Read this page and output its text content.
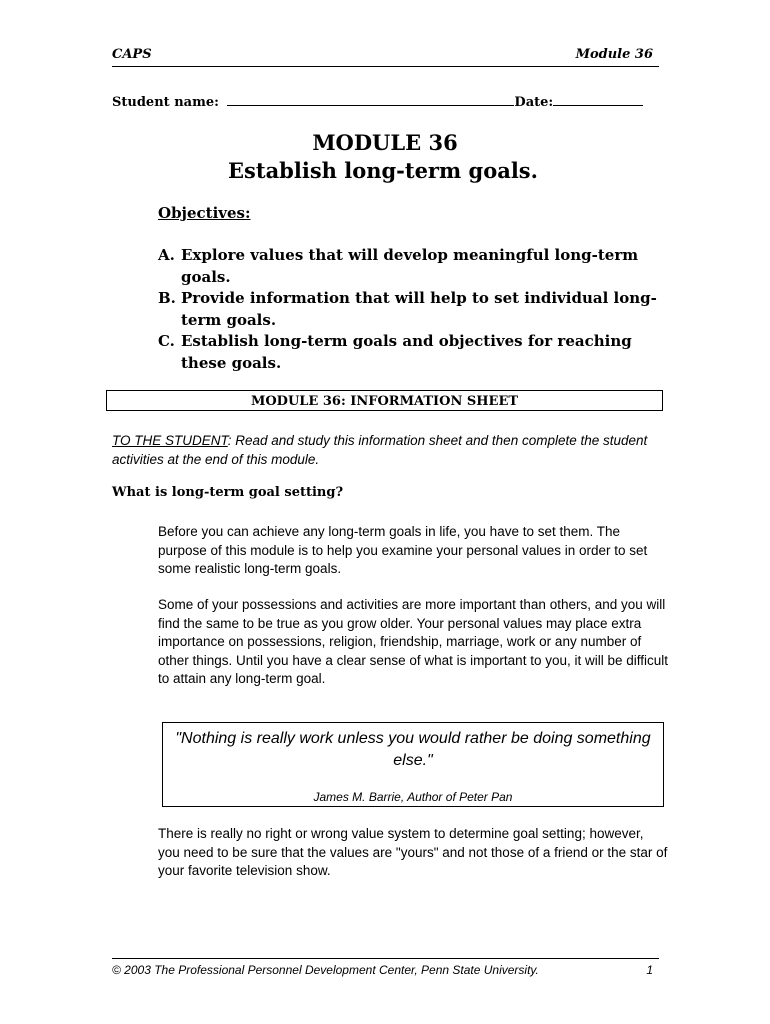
CAPS	Module 36
Student name:	Date:
MODULE 36
Establish long-term goals.
Objectives:
A. Explore values that will develop meaningful long-term goals.
B. Provide information that will help to set individual long-term goals.
C. Establish long-term goals and objectives for reaching these goals.
MODULE 36: INFORMATION SHEET
TO THE STUDENT: Read and study this information sheet and then complete the student activities at the end of this module.
What is long-term goal setting?
Before you can achieve any long-term goals in life, you have to set them. The purpose of this module is to help you examine your personal values in order to set some realistic long-term goals.
Some of your possessions and activities are more important than others, and you will find the same to be true as you grow older. Your personal values may place extra importance on possessions, religion, friendship, marriage, work or any number of other things. Until you have a clear sense of what is important to you, it will be difficult to attain any long-term goal.
"Nothing is really work unless you would rather be doing something else."
James M. Barrie, Author of Peter Pan
There is really no right or wrong value system to determine goal setting; however, you need to be sure that the values are "yours" and not those of a friend or the star of your favorite television show.
© 2003 The Professional Personnel Development Center, Penn State University.	1
